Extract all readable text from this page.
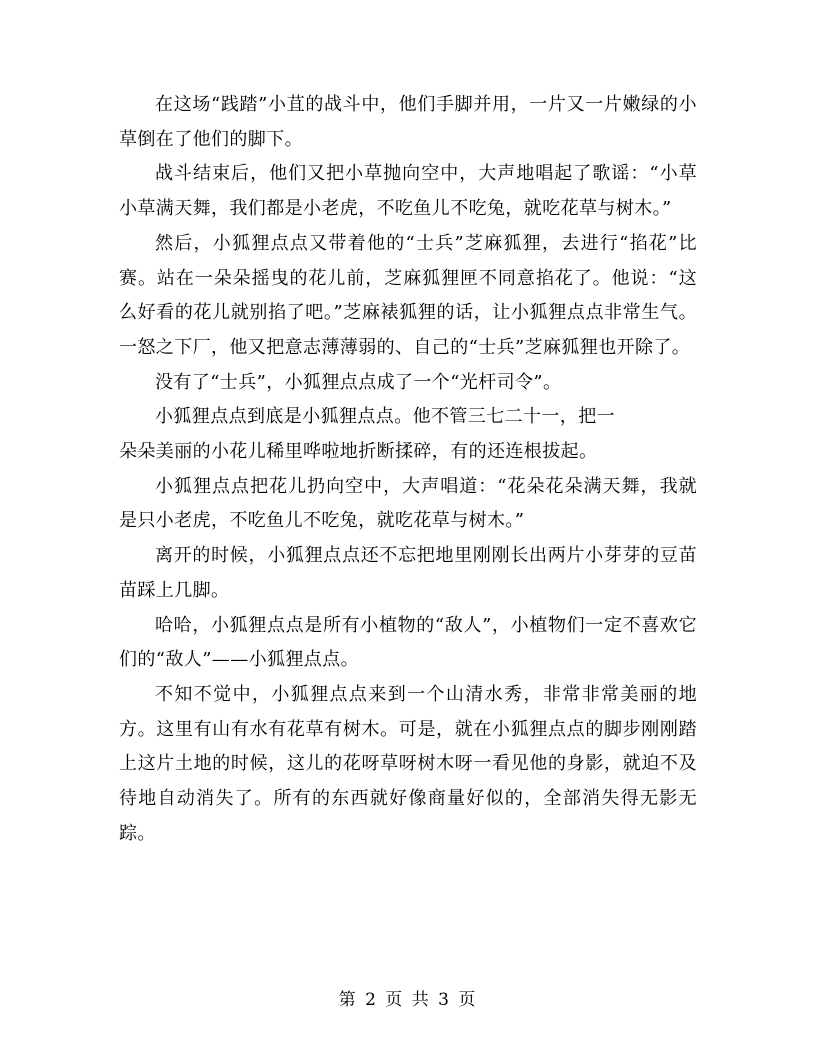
在这场“践踏”小苴的战斗中，他们手脚并用，一片又一片嫩绿的小草倒在了他们的脚下。

战斗结束后，他们又把小草抛向空中，大声地唱起了歌谣：“小草小草满天舞，我们都是小老虎，不吃鱼儿不吃兔，就吃花草与树木。”

然后，小狐狸点点又带着他的“士兵”芝麻狐狸，去进行“掐花”比赛。站在一朵朵摇曳的花儿前，芝麻狐狸匣不同意掐花了。他说：“这么好看的花儿就别掐了吧。”芝麻裱狐狸的话，让小狐狸点点非常生气。一怒之下厂，他又把意志薄薄弱的、自己的“士兵”芝麻狐狸也开除了。

没有了“士兵”，小狐狸点点成了一个“光杆司令”。

小狐狸点点到底是小狐狸点点。他不管三七二十一，把一

朵朵美丽的小花儿稀里哗啦地折断揉碎，有的还连根拔起。

小狐狸点点把花儿扔向空中，大声唱道：“花朵花朵满天舞，我就是只小老虎，不吃鱼儿不吃兔，就吃花草与树木。”

离开的时候，小狐狸点点还不忘把地里刚刚长出两片小芽芽的豆苗苗踩上几脚。

哈哈，小狐狸点点是所有小植物的“敌人”，小植物们一定不喜欢它们的“敌人”——小狐狸点点。

不知不觉中，小狐狸点点来到一个山清水秀，非常非常美丽的地方。这里有山有水有花草有树木。可是，就在小狐狸点点的脚步刚刚踏上这片土地的时候，这儿的花呀草呀树木呀一看见他的身影，就迫不及待地自动消失了。所有的东西就好像商量好似的，全部消失得无影无踪。

第 2 页 共 3 页
